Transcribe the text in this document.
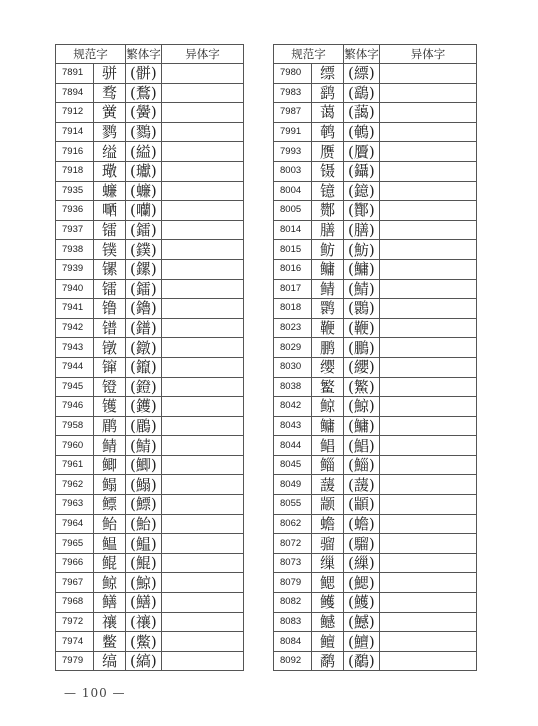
规范字		繁体字	异体字
7891	骈	(骿)	
7894	骛	(鶩)	
7912	黉	(黌)	
7914	鹨	(鷚)	
7916	缢	(縊)	
7918	璥	(瓛)	
7935	蠊	(蠊)	
7936	嗮	(囒)	
7937	镭	(鐳)	
7938	镤	(鏷)	
7939	镙	(鏍)	
7940	镭	(鐳)	
7941	镥	(鑥)	
7942	镨	(鐠)	
7943	镦	(鐓)	
7944	镩	(鑹)	
7945	镫	(鐙)	
7946	镬	(鑊)	
7958	鹛	(鶥)	
7960	鲭	(鯖)	
7961	鲫	(鯽)	
7962	鳎	(鰨)	
7963	鳔	(鰾)	
7964	鲐	(鮐)	
7965	鳁	(鰛)	
7966	鲲	(鯤)	
7967	鲸	(鯨)	
7968	鳝	(鱔)	
7972	禳	(禳)	
7974	鳖	(鱉)	
7979	缟	(縞)	
规范字		繁体字	异体字
7980	缥	(縹)	
7983	鹞	(鷂)	
7987	蔼	(藹)	
7991	鹌	(鵪)	
7993	赝	(贗)	
8003	镊	(鑷)	
8004	镱	(鐿)	
8005	酂	(酇)	
8014	膳	(膳)	
8015	鲂	(魴)	
8016	鳙	(鱅)	
8017	鲭	(鯖)	
8018	鹮	(䴉)	
8023	鞭	(鞭)	
8029	鹏	(鵬)	
8030	缨	(纓)	
8038	鳘	(鰵)	
8042	鲸	(鯨)	
8043	鳙	(鱅)	
8044	鲳	(鯧)	
8045	鲻	(鯔)	
8049	蘐	(蘐)	
8055	颛	(顓)	
8062	蟾	(蟾)	
8072	骝	(騮)	
8073	缫	(繅)	
8079	鳃	(鰓)	
8082	鳠	(鱯)	
8083	鳡	(鱤)	
8084	鳣	(鱣)	
8092	鹬	(鷸)	
— 100 —
